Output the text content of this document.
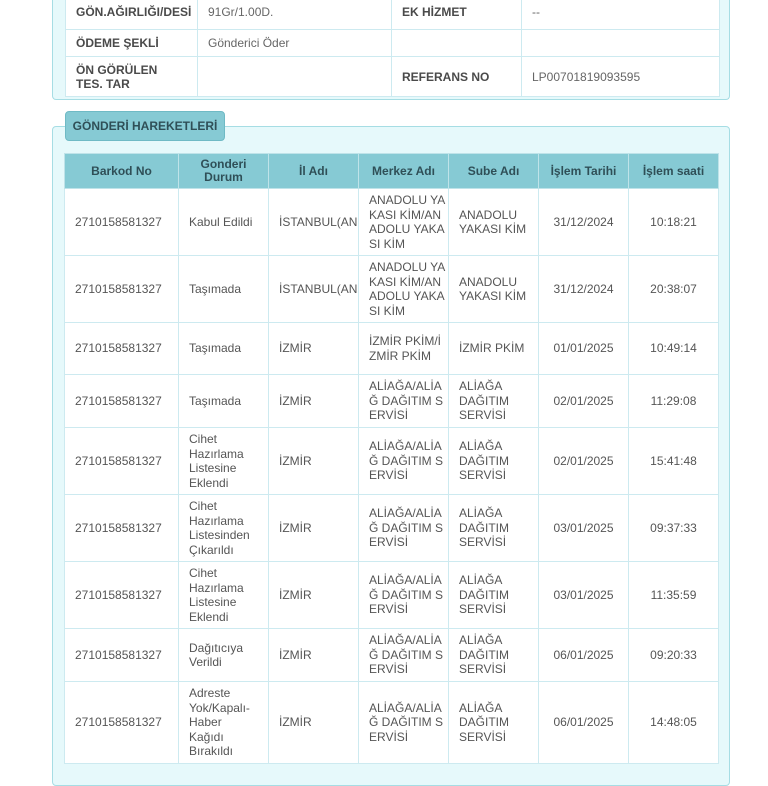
GÖN.AĞIRLIĞI/DESİ	91Gr/1.00D.	EK HİZMET	--
ÖDEME ŞEKLİ	Gönderici Öder		
ÖN GÖRÜLEN TES. TAR		REFERANS NO	LP00701819093595
GÖNDERİ HAREKETLERİ
Barkod No	Gonderi Durum	İl Adı	Merkez Adı	Sube Adı	İşlem Tarihi	İşlem saati
2710158581327	Kabul Edildi	İSTANBUL(AN	ANADOLU YAKASI KİM/ANADOLU YAKASI KİM	ANADOLU YAKASI KİM	31/12/2024	10:18:21
2710158581327	Taşımada	İSTANBUL(AN	ANADOLU YAKASI KİM/ANADOLU YAKASI KİM	ANADOLU YAKASI KİM	31/12/2024	20:38:07
2710158581327	Taşımada	İZMİR	İZMİR PKİM/İZMİR PKİM	İZMİR PKİM	01/01/2025	10:49:14
2710158581327	Taşımada	İZMİR	ALİAĞA/ALİAĞ DAĞITIM SERVİSİ	ALİAĞA DAĞITIM SERVİSİ	02/01/2025	11:29:08
2710158581327	Cihet Hazırlama Listesine Eklendi	İZMİR	ALİAĞA/ALİAĞ DAĞITIM SERVİSİ	ALİAĞA DAĞITIM SERVİSİ	02/01/2025	15:41:48
2710158581327	Cihet Hazırlama Listesinden Çıkarıldı	İZMİR	ALİAĞA/ALİAĞ DAĞITIM SERVİSİ	ALİAĞA DAĞITIM SERVİSİ	03/01/2025	09:37:33
2710158581327	Cihet Hazırlama Listesine Eklendi	İZMİR	ALİAĞA/ALİAĞ DAĞITIM SERVİSİ	ALİAĞA DAĞITIM SERVİSİ	03/01/2025	11:35:59
2710158581327	Dağıtıcıya Verildi	İZMİR	ALİAĞA/ALİAĞ DAĞITIM SERVİSİ	ALİAĞA DAĞITIM SERVİSİ	06/01/2025	09:20:33
2710158581327	Adreste Yok/Kapalı- Haber Kağıdı Bırakıldı	İZMİR	ALİAĞA/ALİAĞ DAĞITIM SERVİSİ	ALİAĞA DAĞITIM SERVİSİ	06/01/2025	14:48:05
